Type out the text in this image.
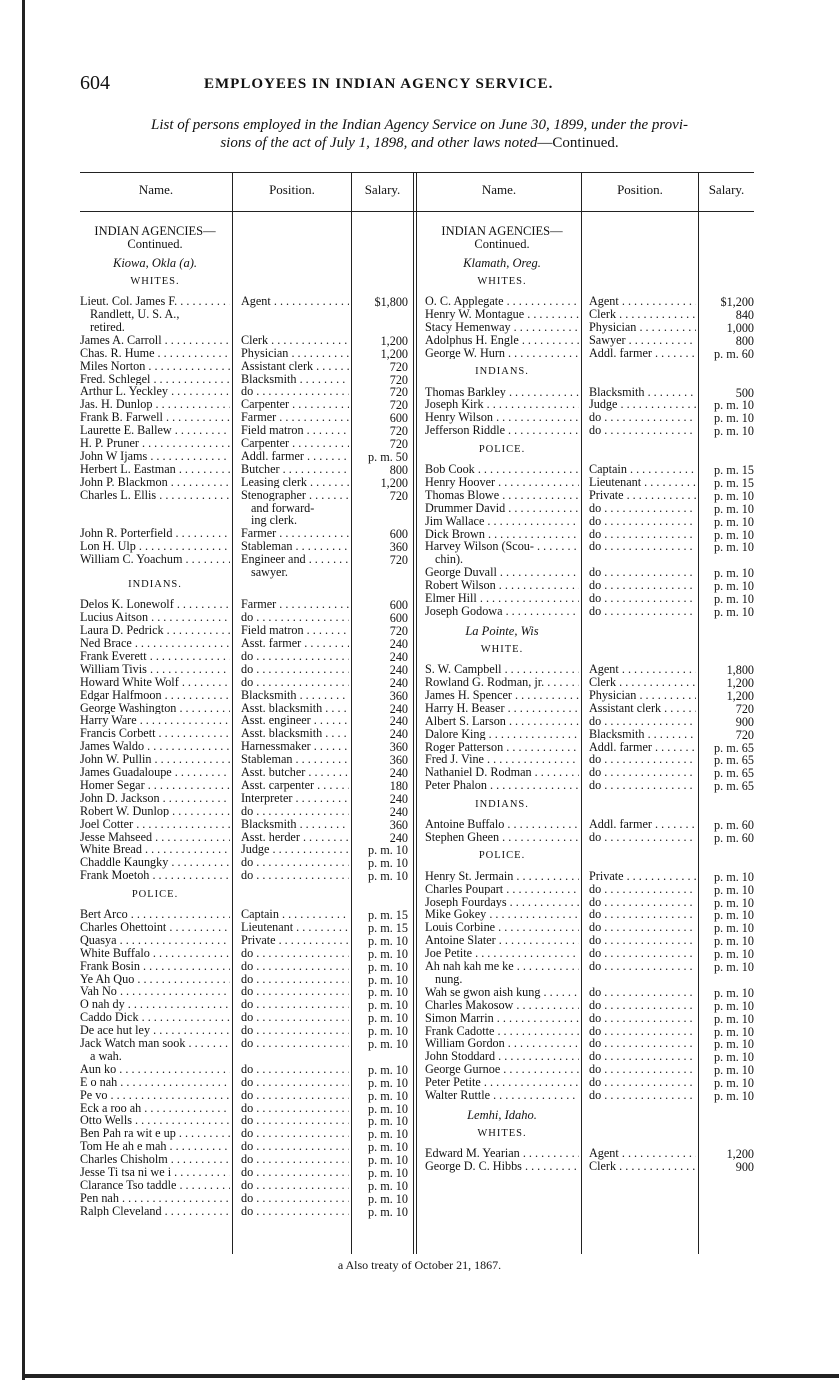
604	EMPLOYEES IN INDIAN AGENCY SERVICE.
List of persons employed in the Indian Agency Service on June 30, 1899, under the provi-
sions of the act of July 1, 1898, and other laws noted—Continued.
Name.	Position.	Salary.	Name.	Position.	Salary.
INDIAN AGENCIES—
Continued.
Kiowa, Okla (a).
WHITES.
Lieut. Col. James F. . . .	Agent . . .	$1,800
Randlett, U. S. A.,
retired.
James A. Carroll . . .	Clerk . . .	1,200
Chas. R. Hume . . .	Physician . . .	1,200
Miles Norton . . .	Assistant clerk . . .	720
Fred. Schlegel . . .	Blacksmith . . .	720
Arthur L. Yeckley . . .	do . . .	720
Jas. H. Dunlop . . .	Carpenter . . .	720
Frank B. Farwell . . .	Farmer . . .	600
Laurette E. Ballew . . .	Field matron . . .	720
H. P. Pruner . . .	Carpenter . . .	720
John W Ijams . . .	Addl. farmer . . .	p. m. 50
Herbert L. Eastman . . .	Butcher . . .	800
John P. Blackmon . . .	Leasing clerk . . .	1,200
Charles L. Ellis . . .	Stenographer . . .	720
and forward-
ing clerk.
John R. Porterfield . . .	Farmer . . .	600
Lon H. Ulp . . .	Stableman . . .	360
William C. Yoachum . . .	Engineer and . . .	720
sawyer.
INDIANS.
Delos K. Lonewolf . . .	Farmer . . .	600
Lucius Aitson . . .	do . . .	600
Laura D. Pedrick . . .	Field matron . . .	720
Ned Brace . . .	Asst. farmer . . .	240
Frank Everett . . .	do . . .	240
William Tivis . . .	do . . .	240
Howard White Wolf . . .	do . . .	240
Edgar Halfmoon . . .	Blacksmith . . .	360
George Washington . . .	Asst. blacksmith . . .	240
Harry Ware . . .	Asst. engineer . . .	240
Francis Corbett . . .	Asst. blacksmith . . .	240
James Waldo . . .	Harnessmaker . . .	360
John W. Pullin . . .	Stableman . . .	360
James Guadaloupe . . .	Asst. butcher . . .	240
Homer Segar . . .	Asst. carpenter . . .	180
John D. Jackson . . .	Interpreter . . .	240
Robert W. Dunlop . . .	do . . .	240
Joel Cotter . . .	Blacksmith . . .	360
Jesse Mahseed . . .	Asst. herder . . .	240
White Bread . . .	Judge . . .	p. m. 10
Chaddle Kaungky . . .	do . . .	p. m. 10
Frank Moetoh . . .	do . . .	p. m. 10
POLICE.
Bert Arco . . .	Captain . . .	p. m. 15
Charles Ohettoint . . .	Lieutenant . . .	p. m. 15
Quasya . . .	Private . . .	p. m. 10
White Buffalo . . .	do . . .	p. m. 10
Frank Bosin . . .	do . . .	p. m. 10
Ye Ah Quo . . .	do . . .	p. m. 10
Vah No . . .	do . . .	p. m. 10
O nah dy . . .	do . . .	p. m. 10
Caddo Dick . . .	do . . .	p. m. 10
De ace hut ley . . .	do . . .	p. m. 10
Jack Watch man sook . . .	do . . .	p. m. 10
a wah.
Aun ko . . .	do . . .	p. m. 10
E o nah . . .	do . . .	p. m. 10
Pe vo . . .	do . . .	p. m. 10
Eck a roo ah . . .	do . . .	p. m. 10
Otto Wells . . .	do . . .	p. m. 10
Ben Pah ra wit e up . . .	do . . .	p. m. 10
Tom He ah e mah . . .	do . . .	p. m. 10
Charles Chisholm . . .	do . . .	p. m. 10
Jesse Ti tsa ni we i . . .	do . . .	p. m. 10
Clarance Tso taddle . . .	do . . .	p. m. 10
Pen nah . . .	do . . .	p. m. 10
Ralph Cleveland . . .	do . . .	p. m. 10
INDIAN AGENCIES—
Continued.
Klamath, Oreg.
WHITES.
O. C. Applegate . . .	Agent . . .	$1,200
Henry W. Montague . . .	Clerk . . .	840
Stacy Hemenway . . .	Physician . . .	1,000
Adolphus H. Engle . . .	Sawyer . . .	800
George W. Hurn . . .	Addl. farmer . . .	p. m. 60
INDIANS.
Thomas Barkley . . .	Blacksmith . . .	500
Joseph Kirk . . .	Judge . . .	p. m. 10
Henry Wilson . . .	do . . .	p. m. 10
Jefferson Riddle . . .	do . . .	p. m. 10
POLICE.
Bob Cook . . .	Captain . . .	p. m. 15
Henry Hoover . . .	Lieutenant . . .	p. m. 15
Thomas Blowe . . .	Private . . .	p. m. 10
Drummer David . . .	do . . .	p. m. 10
Jim Wallace . . .	do . . .	p. m. 10
Dick Brown . . .	do . . .	p. m. 10
Harvey Wilson (Scou- . . .	do . . .	p. m. 10
chin).
George Duvall . . .	do . . .	p. m. 10
Robert Wilson . . .	do . . .	p. m. 10
Elmer Hill . . .	do . . .	p. m. 10
Joseph Godowa . . .	do . . .	p. m. 10
La Pointe, Wis
WHITE.
S. W. Campbell . . .	Agent . . .	1,800
Rowland G. Rodman, jr. . . .	Clerk . . .	1,200
James H. Spencer . . .	Physician . . .	1,200
Harry H. Beaser . . .	Assistant clerk . . .	720
Albert S. Larson . . .	do . . .	900
Dalore King . . .	Blacksmith . . .	720
Roger Patterson . . .	Addl. farmer . . .	p. m. 65
Fred J. Vine . . .	do . . .	p. m. 65
Nathaniel D. Rodman . . .	do . . .	p. m. 65
Peter Phalon . . .	do . . .	p. m. 65
INDIANS.
Antoine Buffalo . . .	Addl. farmer . . .	p. m. 60
Stephen Gheen . . .	do . . .	p. m. 60
POLICE.
Henry St. Jermain . . .	Private . . .	p. m. 10
Charles Poupart . . .	do . . .	p. m. 10
Joseph Fourdays . . .	do . . .	p. m. 10
Mike Gokey . . .	do . . .	p. m. 10
Louis Corbine . . .	do . . .	p. m. 10
Antoine Slater . . .	do . . .	p. m. 10
Joe Petite . . .	do . . .	p. m. 10
Ah nah kah me ke . . .	do . . .	p. m. 10
nung.
Wah se gwon aish kung . . .	do . . .	p. m. 10
Charles Makosow . . .	do . . .	p. m. 10
Simon Marrin . . .	do . . .	p. m. 10
Frank Cadotte . . .	do . . .	p. m. 10
William Gordon . . .	do . . .	p. m. 10
John Stoddard . . .	do . . .	p. m. 10
George Gurnoe . . .	do . . .	p. m. 10
Peter Petite . . .	do . . .	p. m. 10
Walter Ruttle . . .	do . . .	p. m. 10
Lemhi, Idaho.
WHITES.
Edward M. Yearian . . .	Agent . . .	1,200
George D. C. Hibbs . . .	Clerk . . .	900
a Also treaty of October 21, 1867.
